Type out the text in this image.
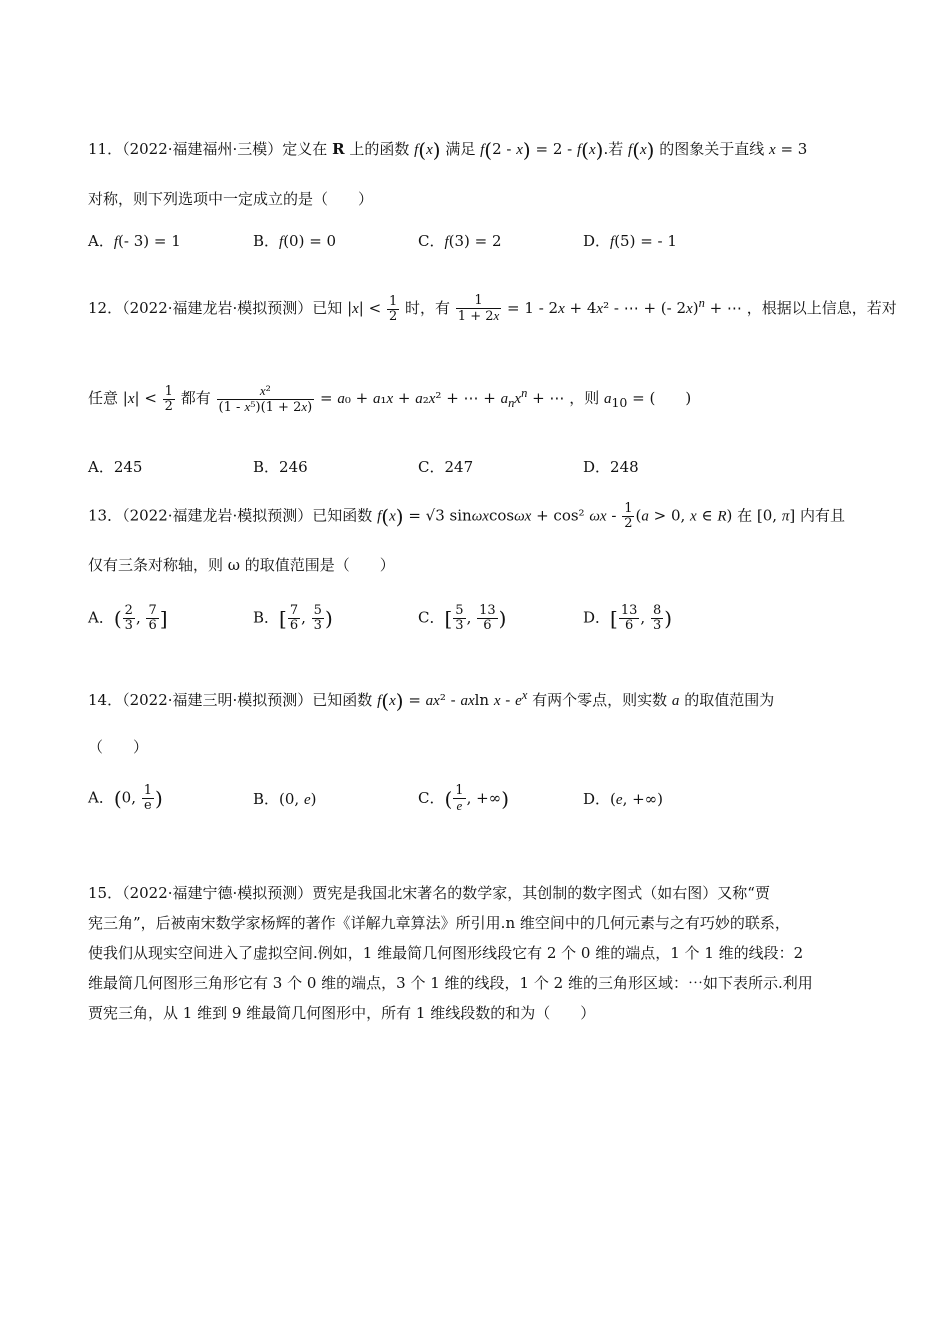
11．（2022·福建福州·三模）定义在 R 上的函数 f(x) 满足 f(2 - x) = 2 - f(x).若 f(x) 的图象关于直线 x = 3
对称，则下列选项中一定成立的是（　　）
A．f(- 3) = 1	B．f(0) = 0	C．f(3) = 2	D．f(5) = - 1
12．（2022·福建龙岩·模拟预测）已知 $|x| < \frac{1}{2}$ 时，有 $\frac{1}{1 + 2x} = 1 - 2x + 4x^2$ - ⋯ + (- 2x)$^n$ + ⋯ ，根据以上信息，若对
任意 $|x| < \frac{1}{2}$ 都有 $\frac{\text{x²}}{\text{(1 - x⁵)(1 + 2x)}} = a_0 + a_1x + a_2x^2$ + ⋯ + $a_nx^n$ + ⋯ ，则 $a_{10}$ = (　　)
A．245	B．246	C．247	D．248
13．（2022·福建龙岩·模拟预测）已知函数 f(x) = √3 sinωxcosωx + cos² $\omega x - \frac{1}{2} (a > 0$, x ∈ R) 在 [0, π] 内有且
仅有三条对称轴，则 ω 的取值范围是（　　）
A．( $\frac{2}{3}$ , $\frac{7}{6}$ ]	B．[ $\frac{7}{6}$ , $\frac{5}{3}$ )	C．[ $\frac{5}{3}$ , $\frac{13}{6}$ )	D．[ $\frac{13}{6}$ , $\frac{8}{3}$ )
14．（2022·福建三明·模拟预测）已知函数 f(x) = ax² - axln x - $e^x$ 有两个零点，则实数 a 的取值范围为
（　　）
A．(0, $\frac{1}{e}$ )	B．(0, e)	C．( $\frac{1}{e}$ , +∞)	D．(e, +∞)
15．（2022·福建宁德·模拟预测）贾宪是我国北宋著名的数学家，其创制的数字图式（如右图）又称“贾
宪三角”，后被南宋数学家杨辉的著作《详解九章算法》所引用.n 维空间中的几何元素与之有巧妙的联系，
使我们从现实空间进入了虚拟空间.例如，1 维最简几何图形线段它有 2 个 0 维的端点，1 个 1 维的线段：2
维最简几何图形三角形它有 3 个 0 维的端点，3 个 1 维的线段，1 个 2 维的三角形区域：⋯如下表所示.利用
贾宪三角，从 1 维到 9 维最简几何图形中，所有 1 维线段数的和为（　　）
